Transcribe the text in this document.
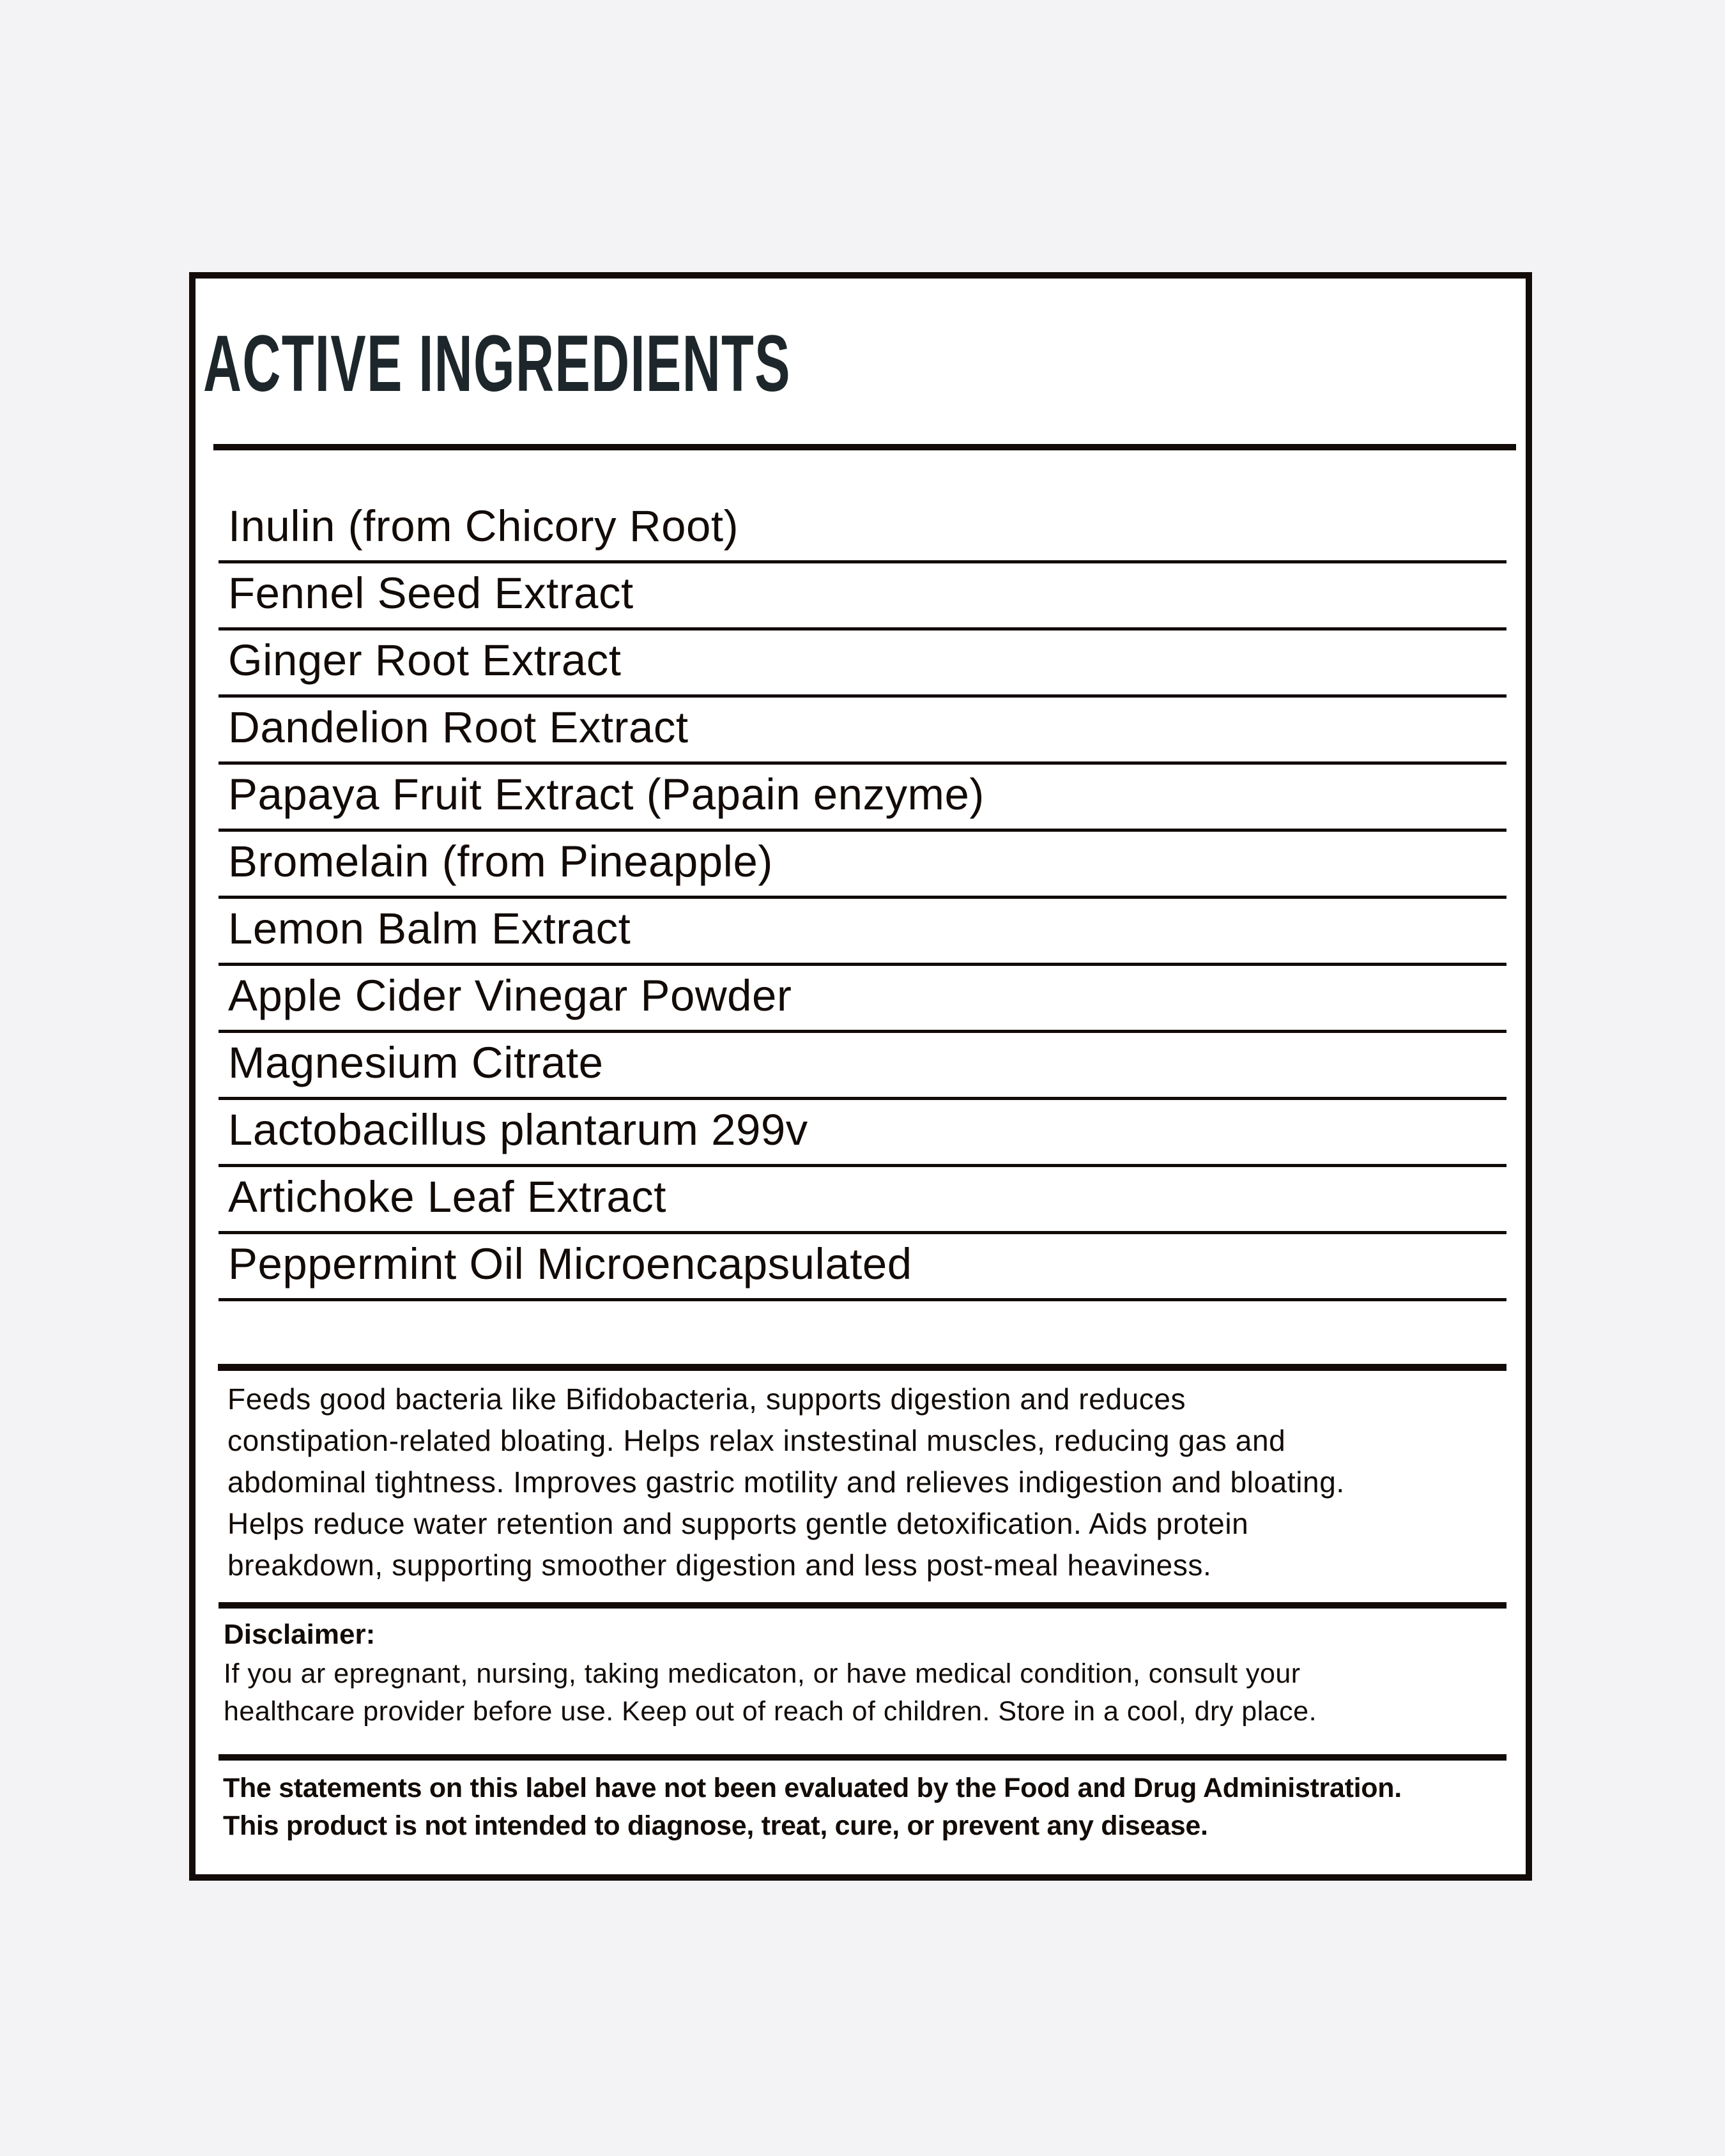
ACTIVE INGREDIENTS
Inulin (from Chicory Root)
Fennel Seed Extract
Ginger Root Extract
Dandelion Root Extract
Papaya Fruit Extract (Papain enzyme)
Bromelain (from Pineapple)
Lemon Balm Extract
Apple Cider Vinegar Powder
Magnesium Citrate
Lactobacillus plantarum 299v
Artichoke Leaf Extract
Peppermint Oil Microencapsulated
Feeds good bacteria like Bifidobacteria, supports digestion and reduces
constipation-related bloating. Helps relax instestinal muscles, reducing gas and
abdominal tightness. Improves gastric motility and relieves indigestion and bloating.
Helps reduce water retention and supports gentle detoxification. Aids protein
breakdown, supporting smoother digestion and less post-meal heaviness.
Disclaimer:
If you ar epregnant, nursing, taking medicaton, or have medical condition, consult your
healthcare provider before use. Keep out of reach of children. Store in a cool, dry place.
The statements on this label have not been evaluated by the Food and Drug Administration.
This product is not intended to diagnose, treat, cure, or prevent any disease.
